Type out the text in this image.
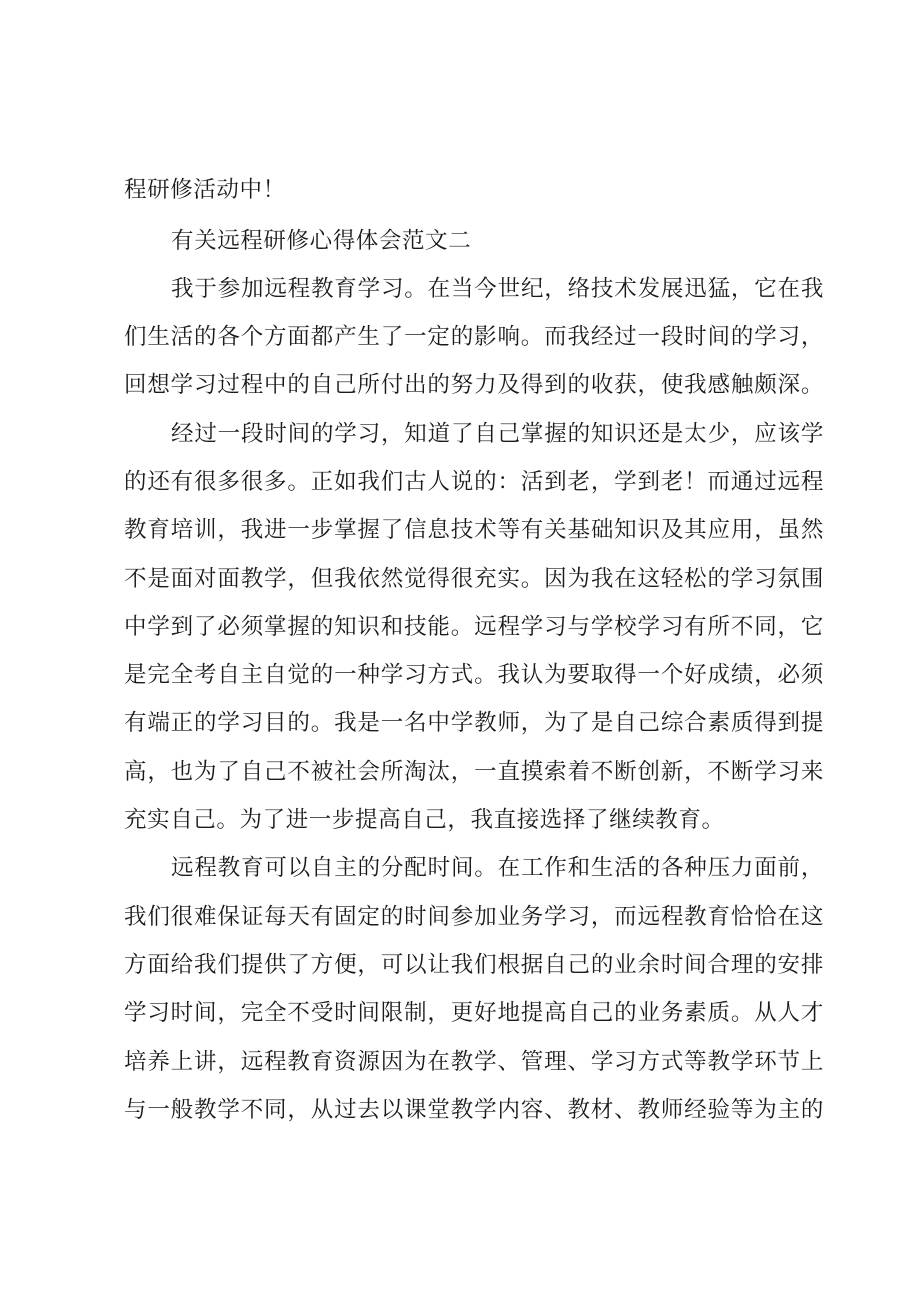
程研修活动中！
有关远程研修心得体会范文二
我于参加远程教育学习。在当今世纪，络技术发展迅猛，它在我
们生活的各个方面都产生了一定的影响。而我经过一段时间的学习，
回想学习过程中的自己所付出的努力及得到的收获，使我感触颇深。
经过一段时间的学习，知道了自己掌握的知识还是太少，应该学
的还有很多很多。正如我们古人说的：活到老，学到老！而通过远程
教育培训，我进一步掌握了信息技术等有关基础知识及其应用，虽然
不是面对面教学，但我依然觉得很充实。因为我在这轻松的学习氛围
中学到了必须掌握的知识和技能。远程学习与学校学习有所不同，它
是完全考自主自觉的一种学习方式。我认为要取得一个好成绩，必须
有端正的学习目的。我是一名中学教师，为了是自己综合素质得到提
高，也为了自己不被社会所淘汰，一直摸索着不断创新，不断学习来
充实自己。为了进一步提高自己，我直接选择了继续教育。
远程教育可以自主的分配时间。在工作和生活的各种压力面前，
我们很难保证每天有固定的时间参加业务学习，而远程教育恰恰在这
方面给我们提供了方便，可以让我们根据自己的业余时间合理的安排
学习时间，完全不受时间限制，更好地提高自己的业务素质。从人才
培养上讲，远程教育资源因为在教学、管理、学习方式等教学环节上
与一般教学不同，从过去以课堂教学内容、教材、教师经验等为主的
